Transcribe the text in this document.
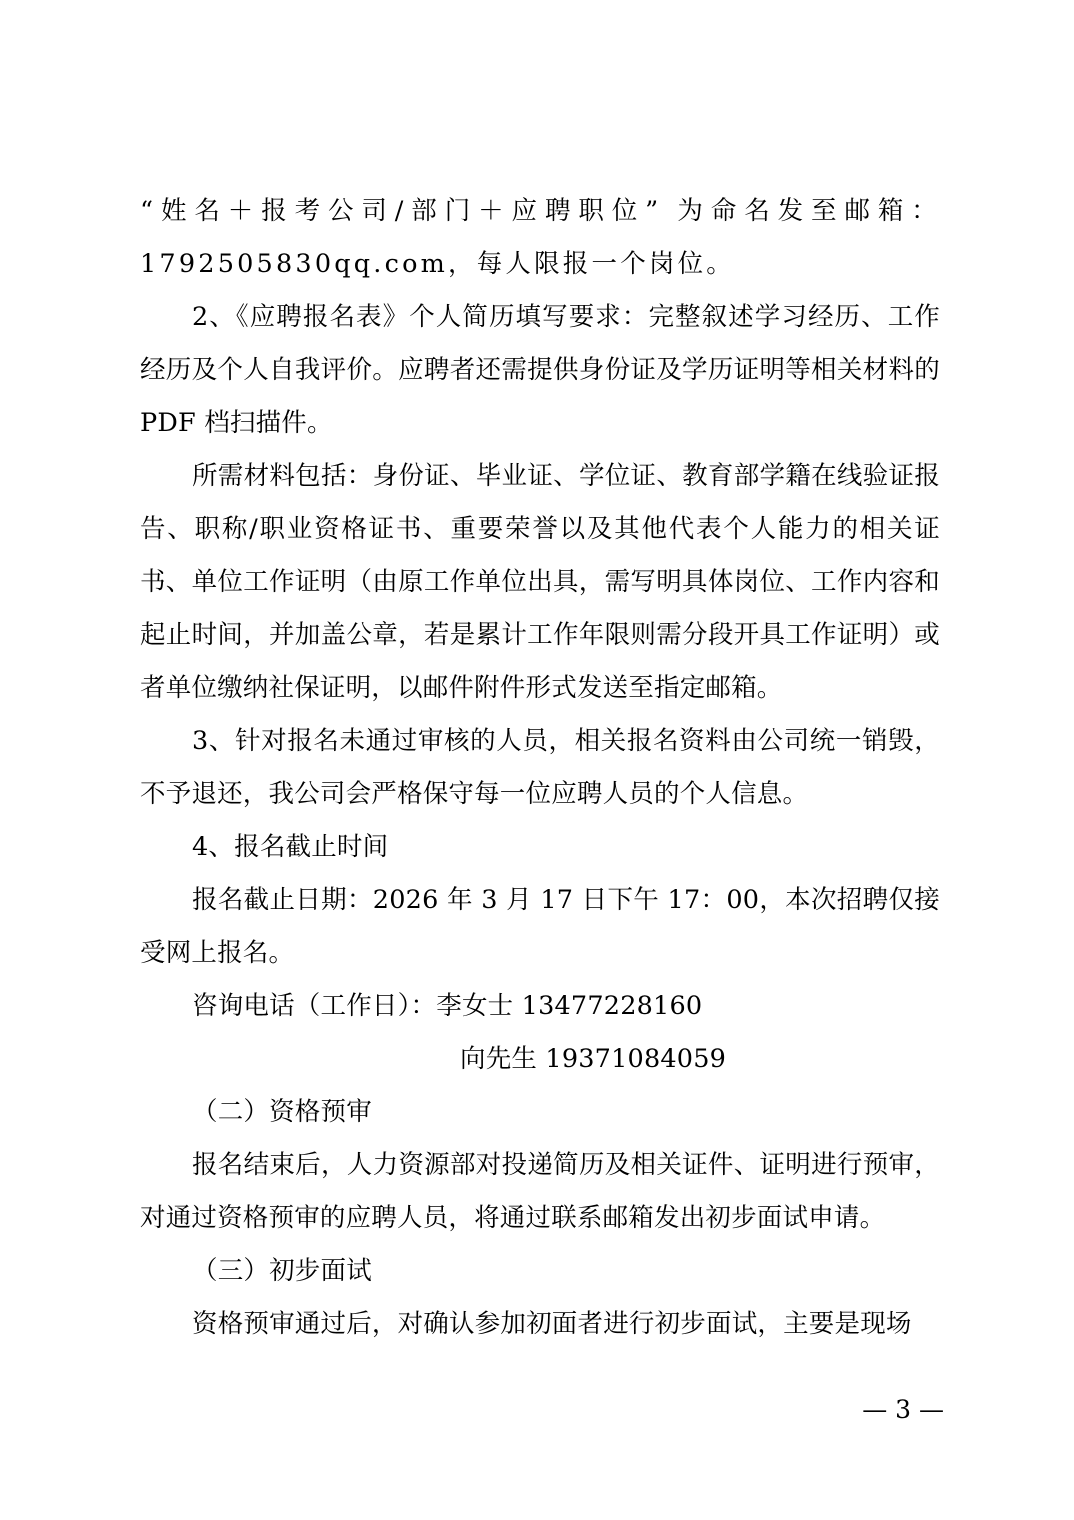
“姓名＋报考公司/部门＋应聘职位” 为命名发至邮箱：1792505830qq.com，每人限报一个岗位。

2、《应聘报名表》个人简历填写要求：完整叙述学习经历、工作经历及个人自我评价。应聘者还需提供身份证及学历证明等相关材料的 PDF 档扫描件。

所需材料包括：身份证、毕业证、学位证、教育部学籍在线验证报告、职称/职业资格证书、重要荣誉以及其他代表个人能力的相关证书、单位工作证明（由原工作单位出具，需写明具体岗位、工作内容和起止时间，并加盖公章，若是累计工作年限则需分段开具工作证明）或者单位缴纳社保证明，以邮件附件形式发送至指定邮箱。

3、针对报名未通过审核的人员，相关报名资料由公司统一销毁，不予退还，我公司会严格保守每一位应聘人员的个人信息。

4、报名截止时间

报名截止日期：2026 年 3 月 17 日下午 17：00，本次招聘仅接受网上报名。

咨询电话（工作日）：李女士 13477228160

向先生 19371084059

（二）资格预审

报名结束后，人力资源部对投递简历及相关证件、证明进行预审，对通过资格预审的应聘人员，将通过联系邮箱发出初步面试申请。

（三）初步面试

资格预审通过后，对确认参加初面者进行初步面试，主要是现场

— 3 —
